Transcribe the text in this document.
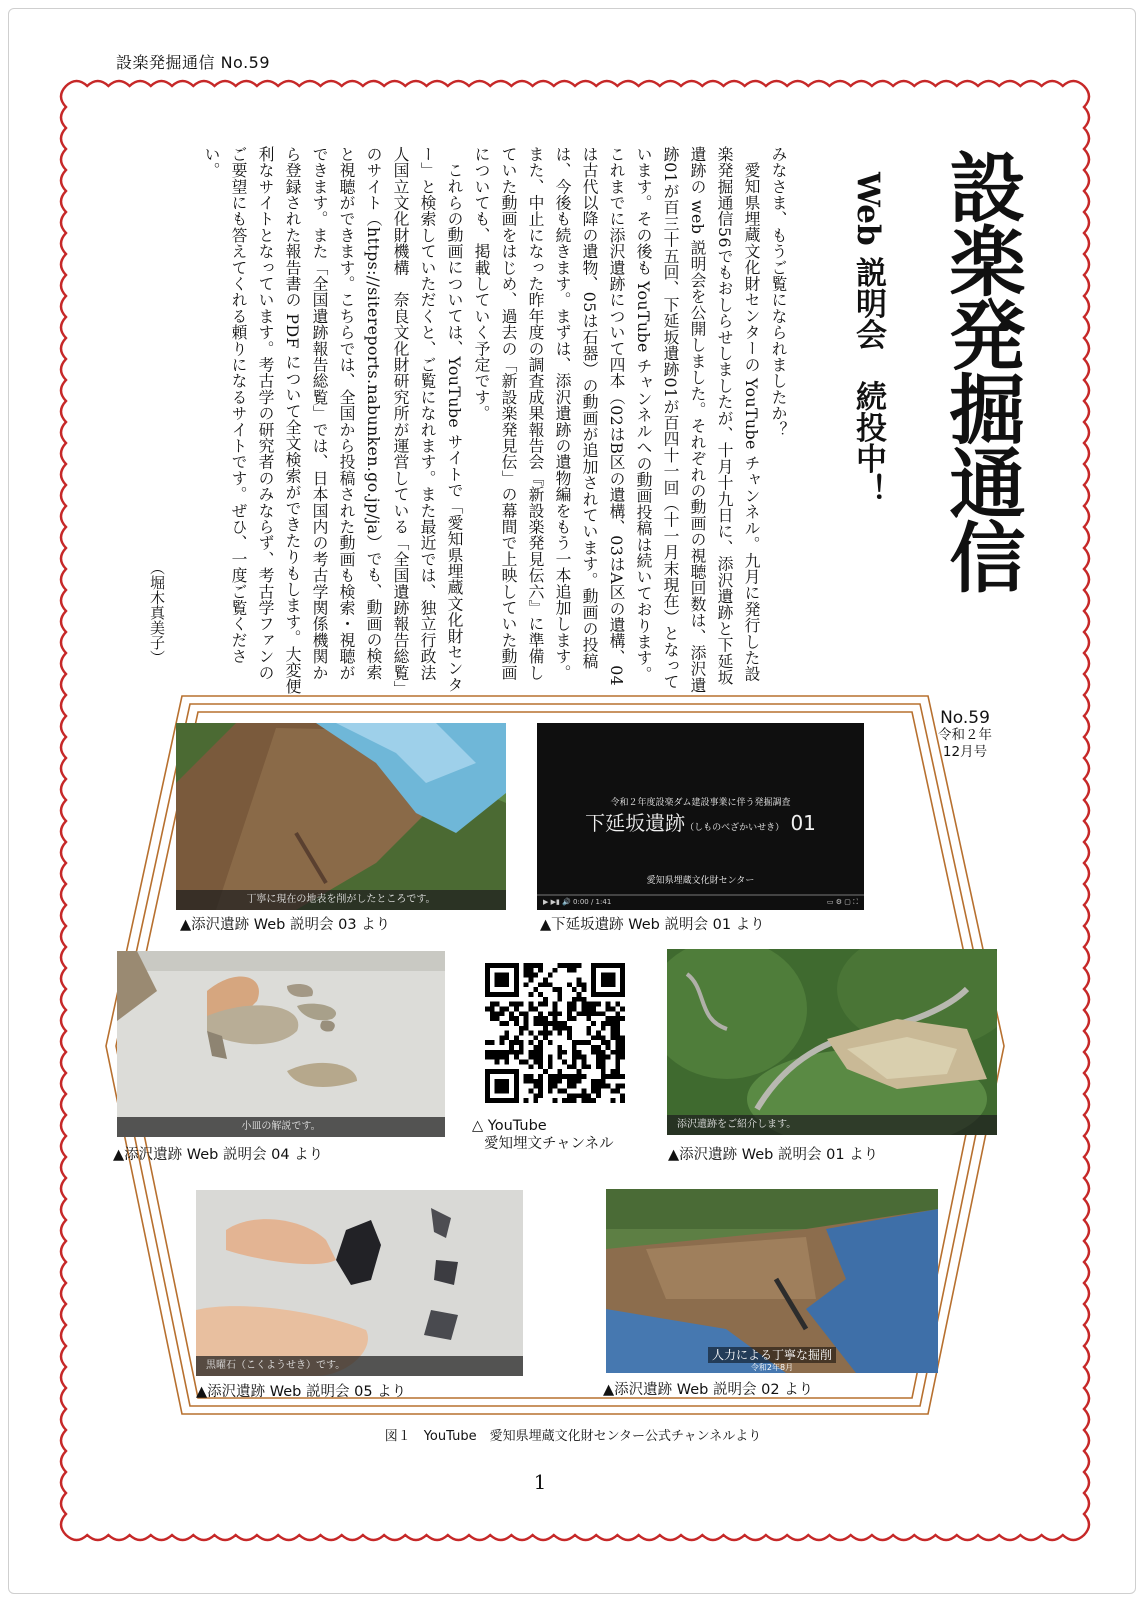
設楽発掘通信 No.59
設楽発掘通信
Web 説明会　続投中！
No.59
令和２年
12月号

みなさま、もうご覧になられましたか？

愛知県埋蔵文化財センターの YouTube チャンネル。九月に発行した設楽発掘通信56でもおしらせしましたが、十月十九日に、添沢遺跡と下延坂遺跡の web 説明会を公開しました。それぞれの動画の視聴回数は、添沢遺跡01が百三十五回、下延坂遺跡01が百四十一回（十一月末現在）となっています。その後も YouTube チャンネルへの動画投稿は続いております。これまでに添沢遺跡について四本（02はB区の遺構、03はA区の遺構、04は古代以降の遺物、05は石器）の動画が追加されています。動画の投稿は、今後も続きます。まずは、添沢遺跡の遺物編をもう一本追加します。また、中止になった昨年度の調査成果報告会『新設楽発見伝六』に準備していた動画をはじめ、過去の「新設楽発見伝」の幕間で上映していた動画についても、掲載していく予定です。

これらの動画については、YouTube サイトで「愛知県埋蔵文化財センター」と検索していただくと、ご覧になれます。また最近では、独立行政法人国立文化財機構　奈良文化財研究所が運営している「全国遺跡報告総覧」のサイト（https://sitereports.nabunken.go.jp/ja）でも、動画の検索と視聴ができます。こちらでは、全国から投稿された動画も検索・視聴ができます。また「全国遺跡報告総覧」では、日本国内の考古学関係機関から登録された報告書の PDF について全文検索ができたりもします。大変便利なサイトとなっています。考古学の研究者のみならず、考古学ファンのご要望にも答えてくれる頼りになるサイトです。ぜひ、一度ご覧ください。

（堀木真美子）
丁寧に現在の地表を削がしたところです。
▲添沢遺跡 Web 説明会 03 より
令和２年度設楽ダム建設事業に伴う発掘調査
下延坂遺跡（しものべざかいせき） 01
愛知県埋蔵文化財センター
▶ ▶▮ 🔊 0:00 / 1:41	▭ ⚙ ▢ ⛶
▲下延坂遺跡 Web 説明会 01 より
小皿の解説です。
▲添沢遺跡 Web 説明会 04 より
△ YouTube
愛知埋文チャンネル
添沢遺跡をご紹介します。
▲添沢遺跡 Web 説明会 01 より
黒曜石（こくようせき）です。
▲添沢遺跡 Web 説明会 05 より
人力による丁寧な掘削
令和2年8月
▲添沢遺跡 Web 説明会 02 より
図１　YouTube　愛知県埋蔵文化財センター公式チャンネルより
1
